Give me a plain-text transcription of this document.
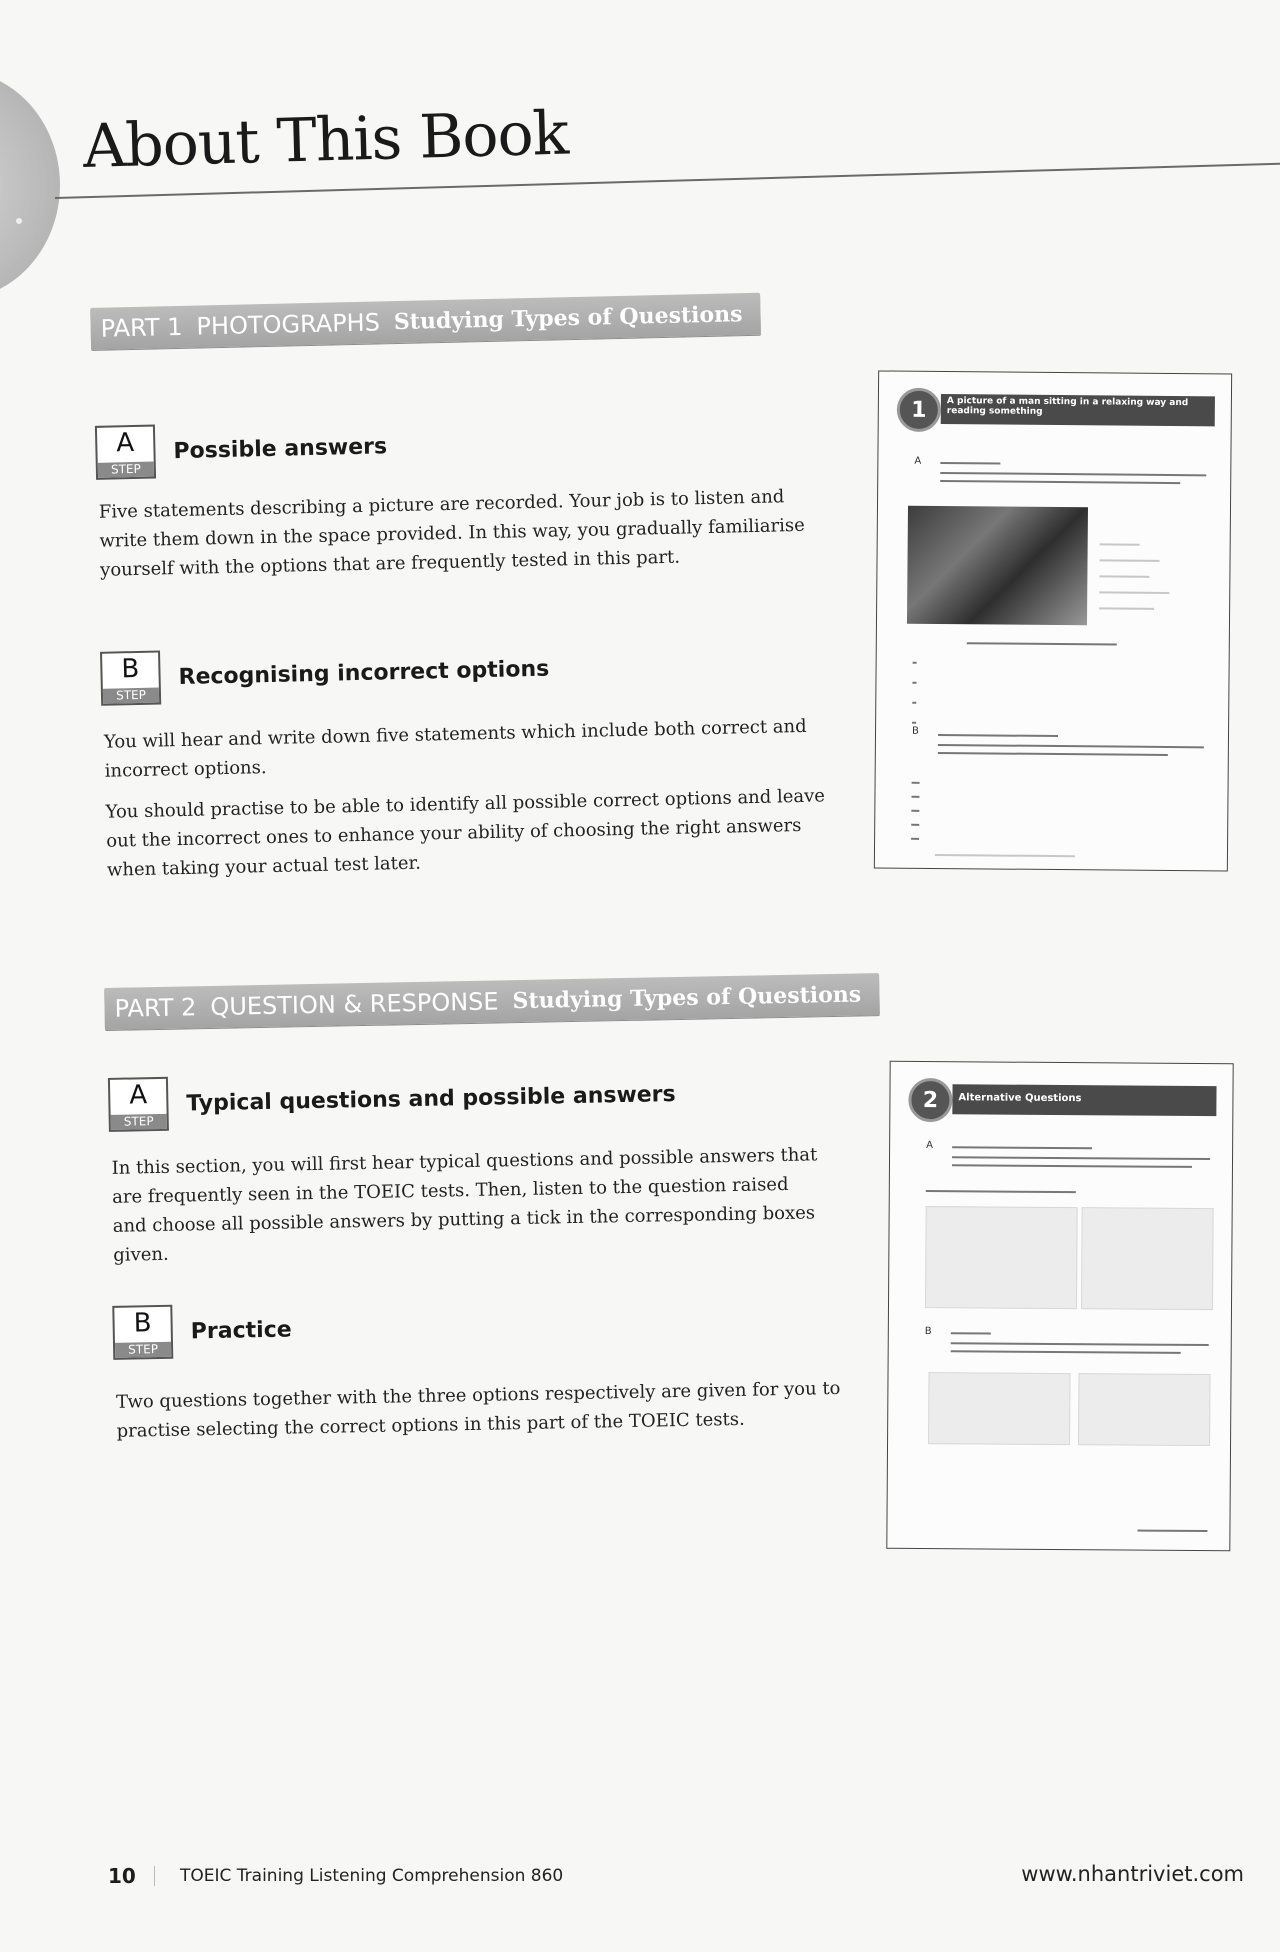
About This Book
PART 1 PHOTOGRAPHS Studying Types of Questions
A
STEP
Possible answers

Five statements describing a picture are recorded. Your job is to listen and write them down in the space provided. In this way, you gradually familiarise yourself with the options that are frequently tested in this part.

B
STEP
Recognising incorrect options

You will hear and write down five statements which include both correct and incorrect options.

You should practise to be able to identify all possible correct options and leave out the incorrect ones to enhance your ability of choosing the right answers when taking your actual test later.

1	A picture of a man sitting in a relaxing way and reading something
A
B
PART 2 QUESTION & RESPONSE Studying Types of Questions
A
STEP
Typical questions and possible answers

In this section, you will first hear typical questions and possible answers that are frequently seen in the TOEIC tests. Then, listen to the question raised and choose all possible answers by putting a tick in the corresponding boxes given.

B
STEP
Practice

Two questions together with the three options respectively are given for you to practise selecting the correct options in this part of the TOEIC tests.

2	Alternative Questions
A
B
10	TOEIC Training Listening Comprehension 860	www.nhantriviet.com
